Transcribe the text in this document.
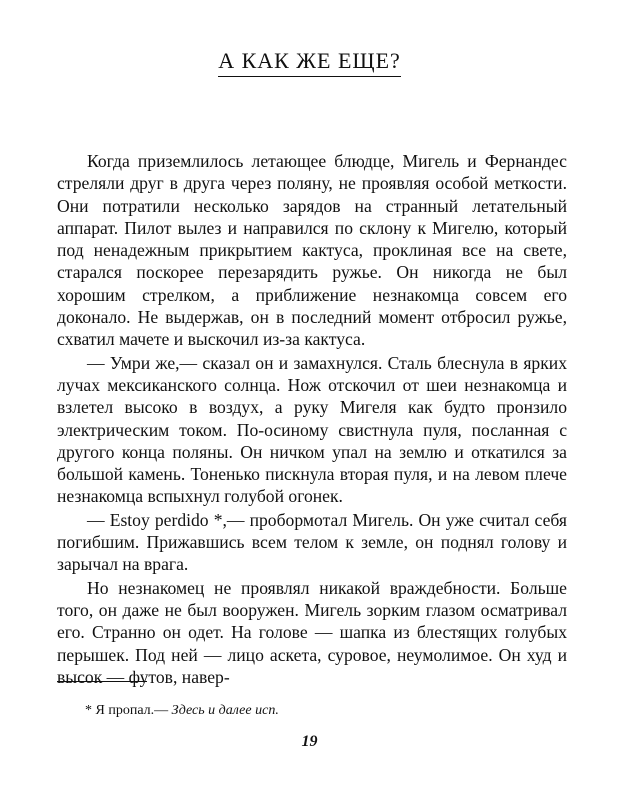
А КАК ЖЕ ЕЩЕ?

Когда приземлилось летающее блюдце, Мигель и Фернандес стреляли друг в друга через поляну, не проявляя особой меткости. Они потратили несколько зарядов на странный летательный аппарат. Пилот вылез и направился по склону к Мигелю, который под ненадежным прикрытием кактуса, проклиная все на свете, старался поскорее перезарядить ружье. Он никогда не был хорошим стрелком, а приближение незнакомца совсем его доконало. Не выдержав, он в последний момент отбросил ружье, схватил мачете и выскочил из-за кактуса.

— Умри же,— сказал он и замахнулся. Сталь блеснула в ярких лучах мексиканского солнца. Нож отскочил от шеи незнакомца и взлетел высоко в воздух, а руку Мигеля как будто пронзило электрическим током. По-осиному свистнула пуля, посланная с другого конца поляны. Он ничком упал на землю и откатился за большой камень. Тоненько пискнула вторая пуля, и на левом плече незнакомца вспыхнул голубой огонек.

— Estoy perdido *,— пробормотал Мигель. Он уже считал себя погибшим. Прижавшись всем телом к земле, он поднял голову и зарычал на врага.

Но незнакомец не проявлял никакой враждебности. Больше того, он даже не был вооружен. Мигель зорким глазом осматривал его. Странно он одет. На голове — шапка из блестящих голубых перышек. Под ней — лицо аскета, суровое, неумолимое. Он худ и высок — футов, навер-

* Я пропал.— Здесь и далее исп.
19
